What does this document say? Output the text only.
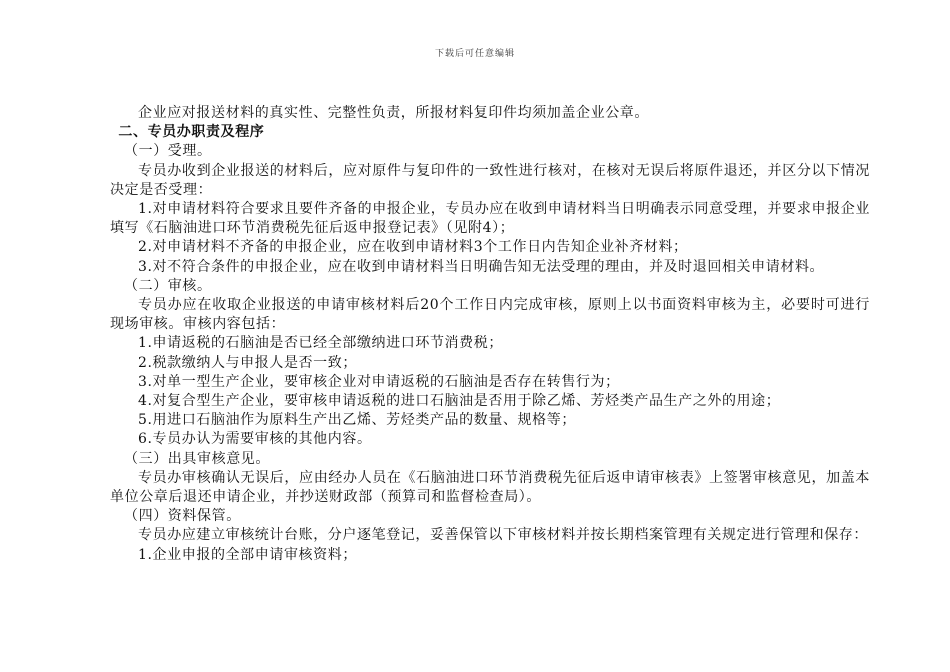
下载后可任意编辑

企业应对报送材料的真实性、完整性负责，所报材料复印件均须加盖企业公章。

二、专员办职责及程序

（一）受理。

专员办收到企业报送的材料后，应对原件与复印件的一致性进行核对，在核对无误后将原件退还，并区分以下情况决定是否受理：

1.对申请材料符合要求且要件齐备的申报企业，专员办应在收到申请材料当日明确表示同意受理，并要求申报企业填写《石脑油进口环节消费税先征后返申报登记表》（见附4）；

2.对申请材料不齐备的申报企业，应在收到申请材料3个工作日内告知企业补齐材料；

3.对不符合条件的申报企业，应在收到申请材料当日明确告知无法受理的理由，并及时退回相关申请材料。

（二）审核。

专员办应在收取企业报送的申请审核材料后20个工作日内完成审核，原则上以书面资料审核为主，必要时可进行现场审核。审核内容包括：

1.申请返税的石脑油是否已经全部缴纳进口环节消费税；

2.税款缴纳人与申报人是否一致；

3.对单一型生产企业，要审核企业对申请返税的石脑油是否存在转售行为；

4.对复合型生产企业，要审核申请返税的进口石脑油是否用于除乙烯、芳烃类产品生产之外的用途；

5.用进口石脑油作为原料生产出乙烯、芳烃类产品的数量、规格等；

6.专员办认为需要审核的其他内容。

（三）出具审核意见。

专员办审核确认无误后，应由经办人员在《石脑油进口环节消费税先征后返申请审核表》上签署审核意见，加盖本单位公章后退还申请企业，并抄送财政部（预算司和监督检查局）。

（四）资料保管。

专员办应建立审核统计台账，分户逐笔登记，妥善保管以下审核材料并按长期档案管理有关规定进行管理和保存：

1.企业申报的全部申请审核资料；
